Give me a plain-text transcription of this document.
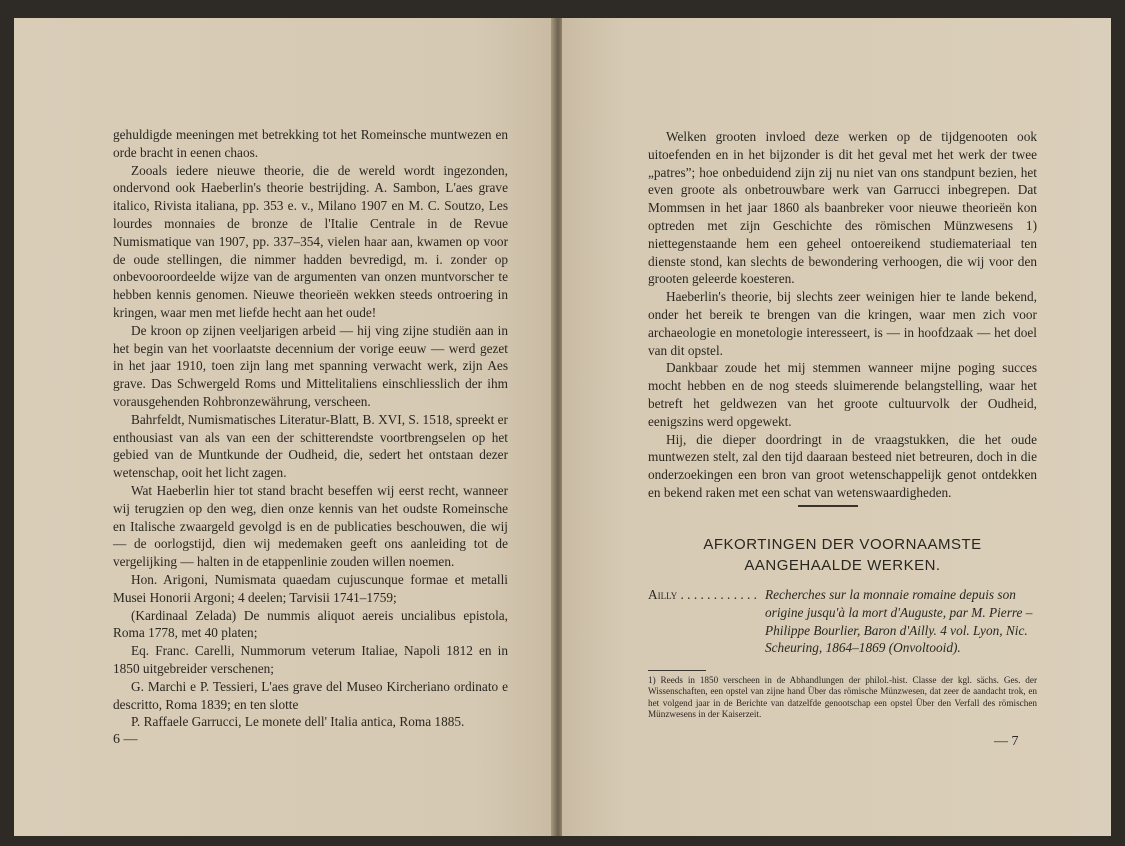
gehuldigde meeningen met betrekking tot het Romeinsche muntwezen en orde bracht in eenen chaos.

Zooals iedere nieuwe theorie, die de wereld wordt ingezonden, ondervond ook Haeberlin's theorie bestrijding. A. Sambon, L'aes grave italico, Rivista italiana, pp. 353 e. v., Milano 1907 en M. C. Soutzo, Les lourdes monnaies de bronze de l'Italie Centrale in de Revue Numismatique van 1907, pp. 337–354, vielen haar aan, kwamen op voor de oude stellingen, die nimmer hadden bevredigd, m. i. zonder op onbevooroordeelde wijze van de argumenten van onzen muntvorscher te hebben kennis genomen. Nieuwe theorieën wekken steeds ontroering in kringen, waar men met liefde hecht aan het oude!

De kroon op zijnen veeljarigen arbeid — hij ving zijne studiën aan in het begin van het voorlaatste decennium der vorige eeuw — werd gezet in het jaar 1910, toen zijn lang met spanning verwacht werk, zijn Aes grave. Das Schwergeld Roms und Mittelitaliens einschliesslich der ihm vorausgehenden Rohbronzewährung, verscheen.

Bahrfeldt, Numismatisches Literatur-Blatt, B. XVI, S. 1518, spreekt er enthousiast van als van een der schitterendste voortbrengselen op het gebied van de Muntkunde der Oudheid, die, sedert het ontstaan dezer wetenschap, ooit het licht zagen.

Wat Haeberlin hier tot stand bracht beseffen wij eerst recht, wanneer wij terugzien op den weg, dien onze kennis van het oudste Romeinsche en Italische zwaargeld gevolgd is en de publicaties beschouwen, die wij — de oorlogstijd, dien wij medemaken geeft ons aanleiding tot de vergelijking — halten in de etappenlinie zouden willen noemen.

Hon. Arigoni, Numismata quaedam cujuscunque formae et metalli Musei Honorii Argoni; 4 deelen; Tarvisii 1741–1759;

(Kardinaal Zelada) De nummis aliquot aereis uncialibus epistola, Roma 1778, met 40 platen;

Eq. Franc. Carelli, Nummorum veterum Italiae, Napoli 1812 en in 1850 uitgebreider verschenen;

G. Marchi e P. Tessieri, L'aes grave del Museo Kircheriano ordinato e descritto, Roma 1839; en ten slotte

P. Raffaele Garrucci, Le monete dell' Italia antica, Roma 1885.

6 —

Welken grooten invloed deze werken op de tijdgenooten ook uitoefenden en in het bijzonder is dit het geval met het werk der twee „patres”; hoe onbeduidend zijn zij nu niet van ons standpunt bezien, het even groote als onbetrouwbare werk van Garrucci inbegrepen. Dat Mommsen in het jaar 1860 als baanbreker voor nieuwe theorieën kon optreden met zijn Geschichte des römischen Münzwesens 1) niettegenstaande hem een geheel ontoereikend studiemateriaal ten dienste stond, kan slechts de bewondering verhoogen, die wij voor den grooten geleerde koesteren.

Haeberlin's theorie, bij slechts zeer weinigen hier te lande bekend, onder het bereik te brengen van die kringen, waar men zich voor archaeologie en monetologie interesseert, is — in hoofdzaak — het doel van dit opstel.

Dankbaar zoude het mij stemmen wanneer mijne poging succes mocht hebben en de nog steeds sluimerende belangstelling, waar het betreft het geldwezen van het groote cultuurvolk der Oudheid, eenigszins werd opgewekt.

Hij, die dieper doordringt in de vraagstukken, die het oude muntwezen stelt, zal den tijd daaraan besteed niet betreuren, doch in die onderzoekingen een bron van groot wetenschappelijk genot ontdekken en bekend raken met een schat van wetenswaardigheden.

AFKORTINGEN DER VOORNAAMSTE
AANGEHAALDE WERKEN.
Ailly . . . . . . . . . . . . Recherches sur la monnaie romaine depuis son origine jusqu'à la mort d'Auguste, par M. Pierre – Philippe Bourlier, Baron d'Ailly. 4 vol. Lyon, Nic. Scheuring, 1864–1869 (Onvoltooid).
1) Reeds in 1850 verscheen in de Abhandlungen der philol.-hist. Classe der kgl. sächs. Ges. der Wissenschaften, een opstel van zijne hand Über das römische Münzwesen, dat zeer de aandacht trok, en het volgend jaar in de Berichte van datzelfde genootschap een opstel Über den Verfall des römischen Münzwesens in der Kaiserzeit.
— 7
